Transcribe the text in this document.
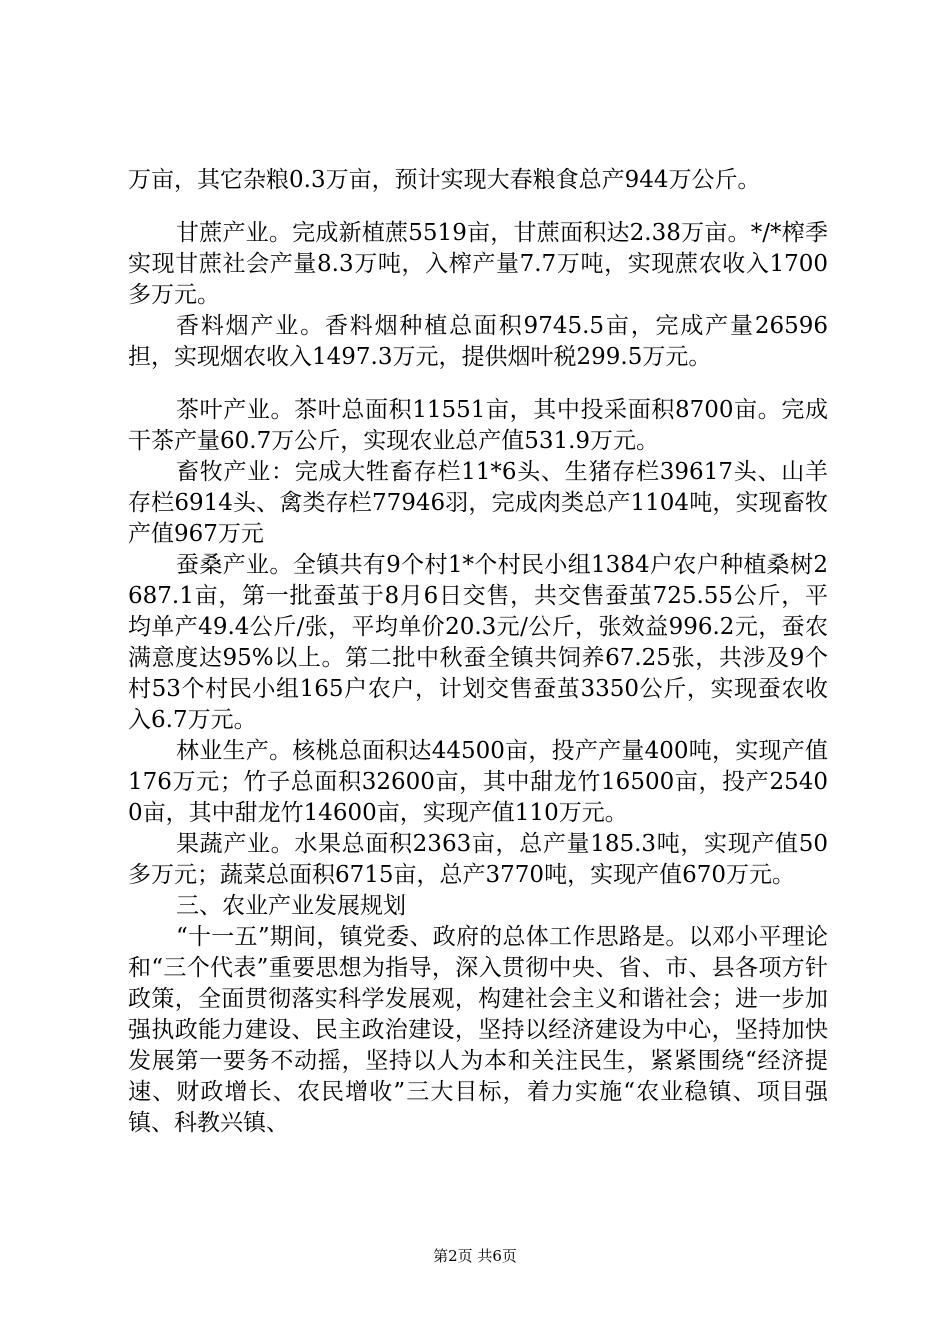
万亩，其它杂粮0.3万亩，预计实现大春粮食总产944万公斤。

甘蔗产业。完成新植蔗5519亩，甘蔗面积达2.38万亩。*/*榨季实现甘蔗社会产量8.3万吨，入榨产量7.7万吨，实现蔗农收入1700多万元。

香料烟产业。香料烟种植总面积9745.5亩，完成产量26596担，实现烟农收入1497.3万元，提供烟叶税299.5万元。

茶叶产业。茶叶总面积11551亩，其中投采面积8700亩。完成干茶产量60.7万公斤，实现农业总产值531.9万元。

畜牧产业：完成大牲畜存栏11*6头、生猪存栏39617头、山羊存栏6914头、禽类存栏77946羽，完成肉类总产1104吨，实现畜牧产值967万元

蚕桑产业。全镇共有9个村1*个村民小组1384户农户种植桑树2687.1亩，第一批蚕茧于8月6日交售，共交售蚕茧725.55公斤，平均单产49.4公斤/张，平均单价20.3元/公斤，张效益996.2元，蚕农满意度达95%以上。第二批中秋蚕全镇共饲养67.25张，共涉及9个村53个村民小组165户农户，计划交售蚕茧3350公斤，实现蚕农收入6.7万元。

林业生产。核桃总面积达44500亩，投产产量400吨，实现产值176万元；竹子总面积32600亩，其中甜龙竹16500亩，投产25400亩，其中甜龙竹14600亩，实现产值110万元。

果蔬产业。水果总面积2363亩，总产量185.3吨，实现产值50多万元；蔬菜总面积6715亩，总产3770吨，实现产值670万元。

三、农业产业发展规划

“十一五”期间，镇党委、政府的总体工作思路是。以邓小平理论和“三个代表”重要思想为指导，深入贯彻中央、省、市、县各项方针政策，全面贯彻落实科学发展观，构建社会主义和谐社会；进一步加强执政能力建设、民主政治建设，坚持以经济建设为中心，坚持加快发展第一要务不动摇，坚持以人为本和关注民生，紧紧围绕“经济提速、财政增长、农民增收”三大目标，着力实施“农业稳镇、项目强镇、科教兴镇、

第2页 共6页
